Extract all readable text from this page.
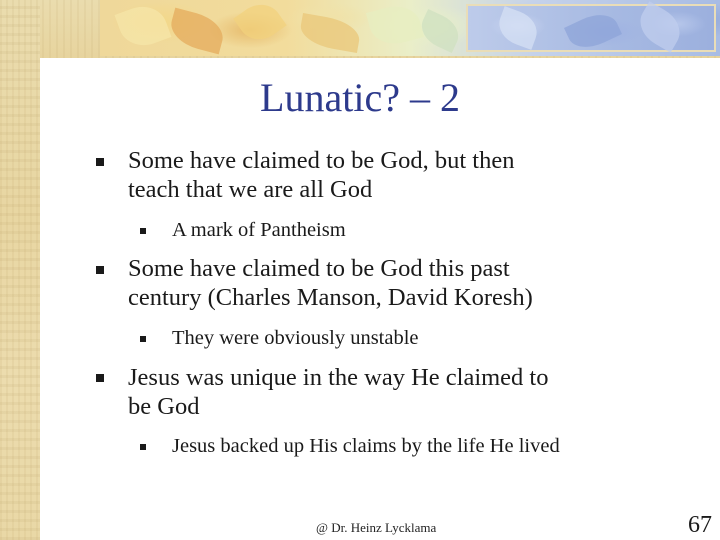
Lunatic? – 2
Some have claimed to be God, but then
teach that we are all God
A mark of Pantheism
Some have claimed to be God this past
century (Charles Manson, David Koresh)
They were obviously unstable
Jesus was unique in the way He claimed to
be God
Jesus backed up His claims by the life He lived
@ Dr. Heinz Lycklama	67
